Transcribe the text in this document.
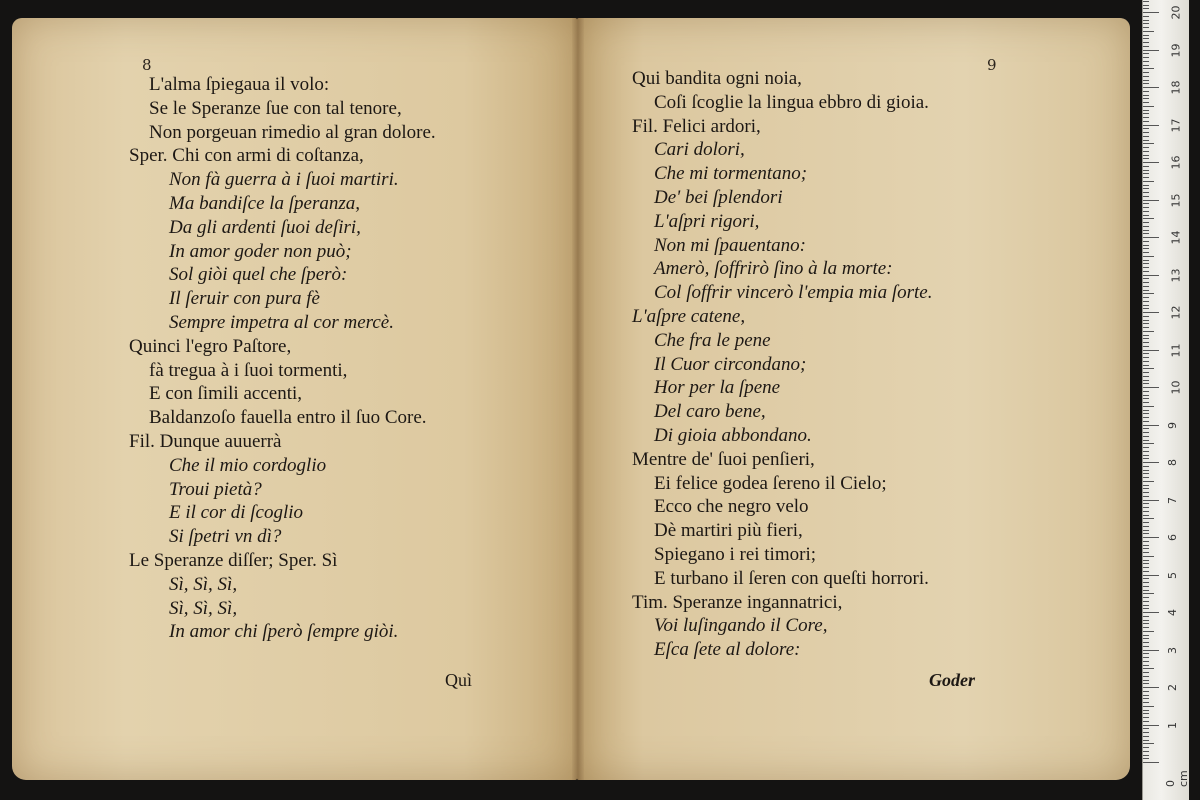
8

L'alma ſpiegaua il volo:

Se le Speranze ſue con tal tenore,

Non porgeuan rimedio al gran dolore.

Sper. Chi con armi di coſtanza,

Non fà guerra à i ſuoi martiri.

Ma bandiſce la ſperanza,

Da gli ardenti ſuoi deſiri,

In amor goder non può;

Sol giòi quel che ſperò:

Il ſeruir con pura fè

Sempre impetra al cor mercè.

Quinci l'egro Paſtore,

fà tregua à i ſuoi tormenti,

E con ſimili accenti,

Baldanzoſo fauella entro il ſuo Core.

Fil. Dunque auuerrà

Che il mio cordoglio

Troui pietà?

E il cor di ſcoglio

Si ſpetri vn dì?

Le Speranze diſſer; Sper. Sì

Sì, Sì, Sì,

Sì, Sì, Sì,

In amor chi ſperò ſempre giòi.

Quì

9

Qui bandita ogni noia,

Coſi ſcoglie la lingua ebbro di gioia.

Fil. Felici ardori,

Cari dolori,

Che mi tormentano;

De' bei ſplendori

L'aſpri rigori,

Non mi ſpauentano:

Amerò, ſoffrirò ſino à la morte:

Col ſoffrir vincerò l'empia mia ſorte.

L'aſpre catene,

Che fra le pene

Il Cuor circondano;

Hor per la ſpene

Del caro bene,

Di gioia abbondano.

Mentre de' ſuoi penſieri,

Ei felice godea ſereno il Cielo;

Ecco che negro velo

Dè martiri più fieri,

Spiegano i rei timori;

E turbano il ſeren con queſti horrori.

Tim. Speranze ingannatrici,

Voi luſingando il Core,

Eſca ſete al dolore:

Goder

0 cm
20
19
18
17
16
15
14
13
12
11
10
9
8
7
6
5
4
3
2
1
